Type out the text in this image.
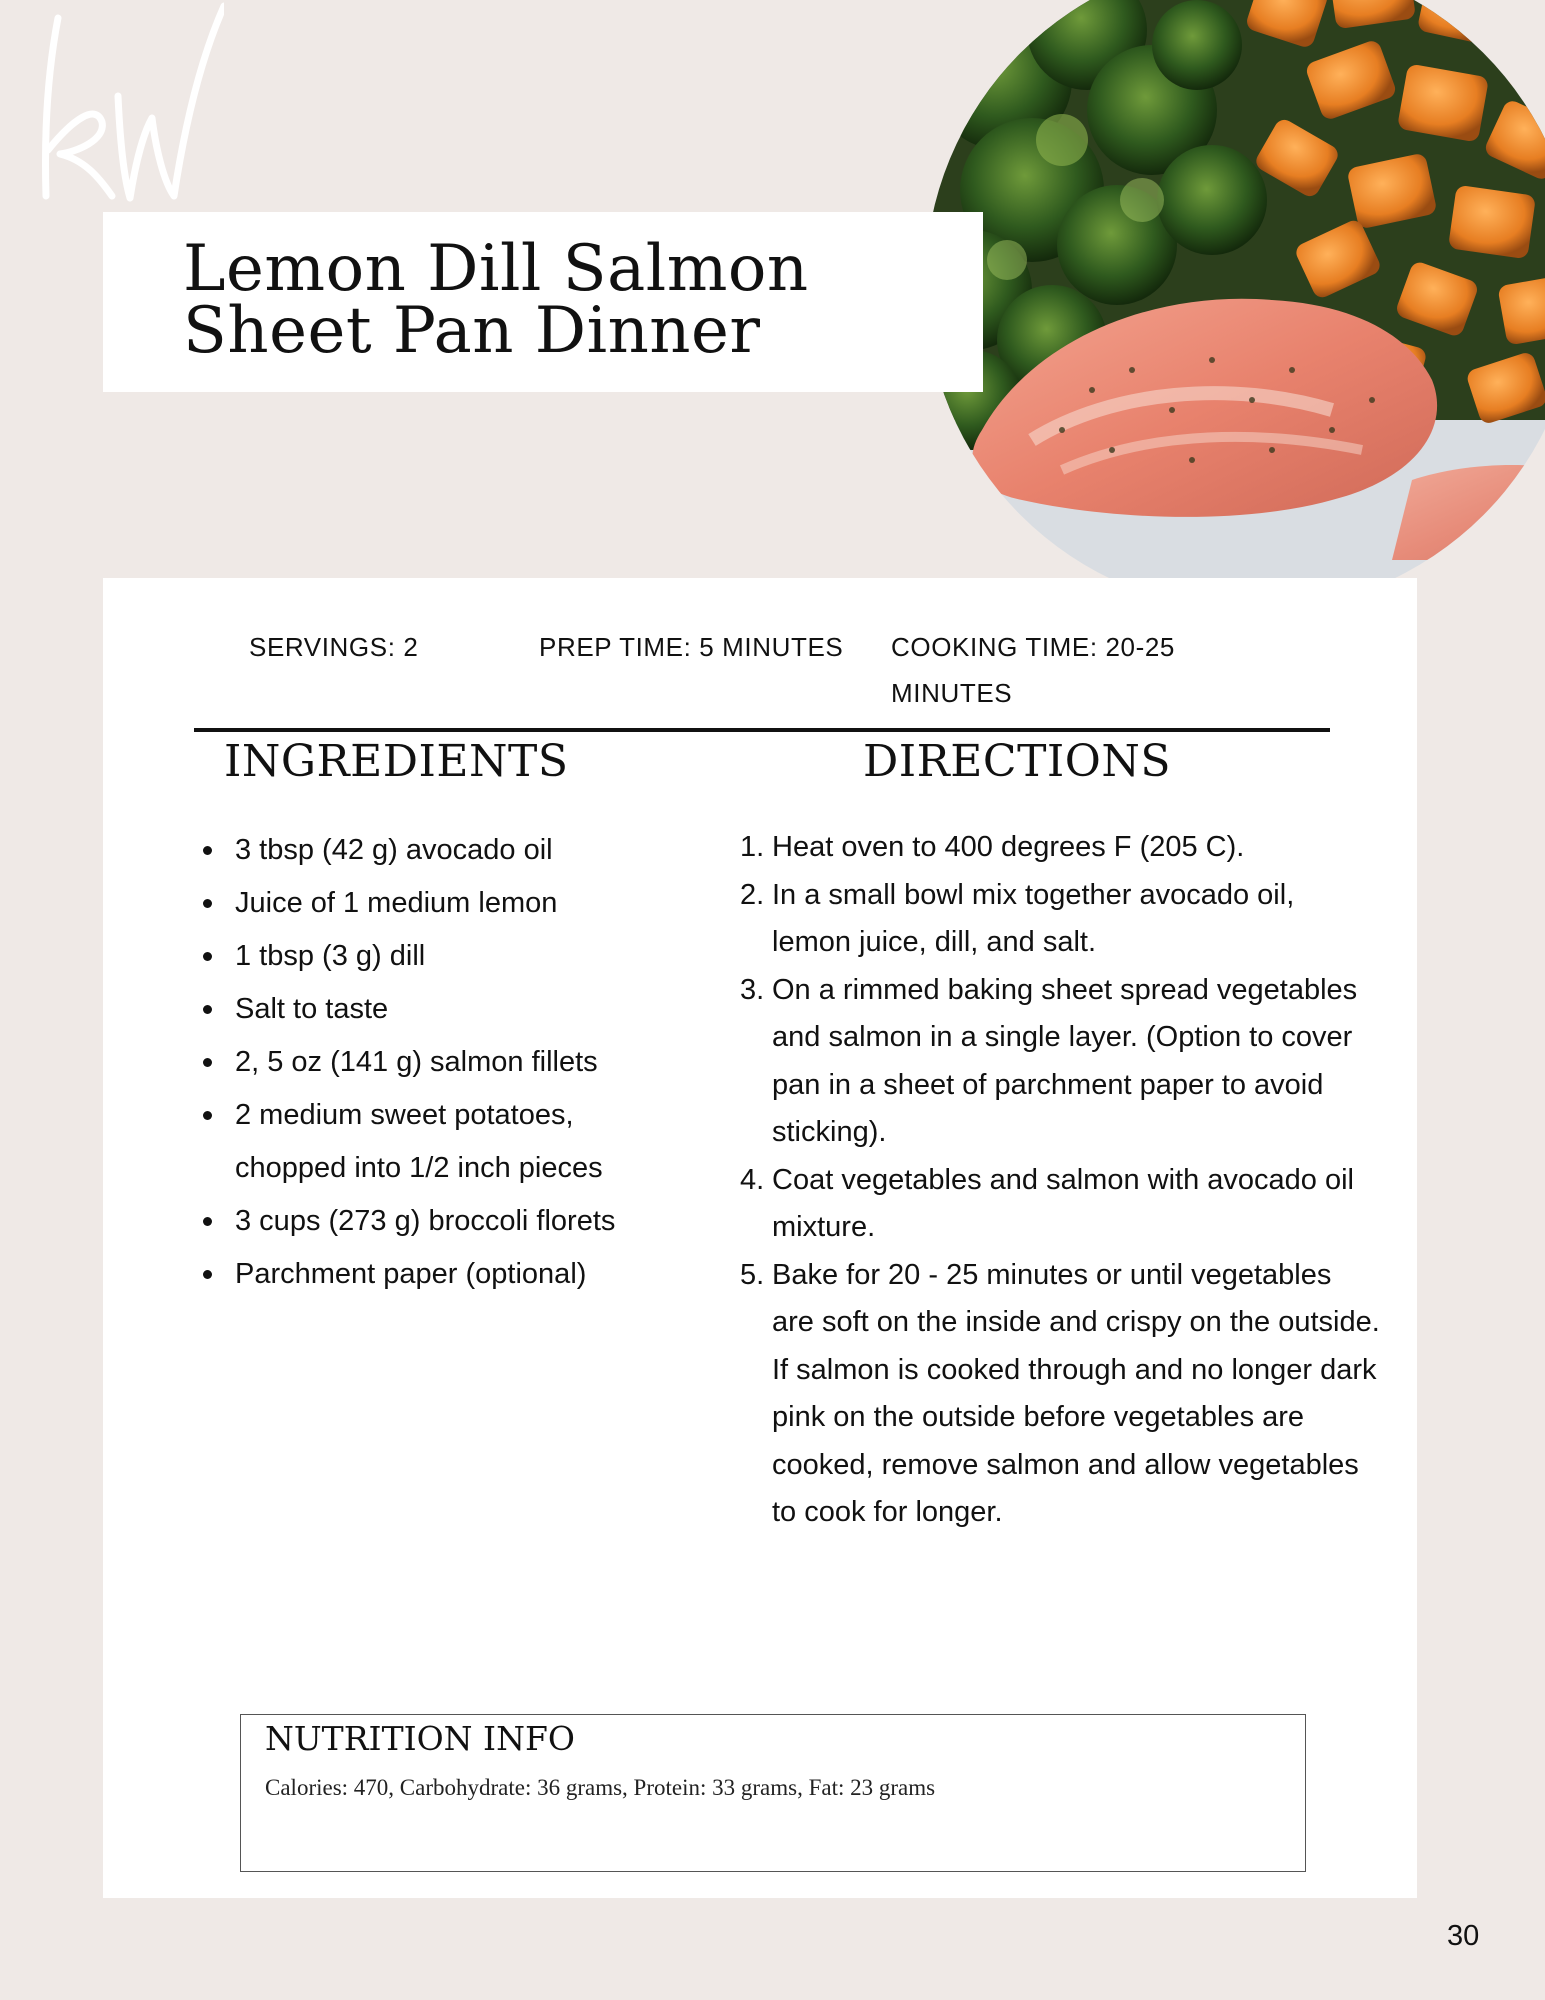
Lemon Dill Salmon
Sheet Pan Dinner
SERVINGS: 2	PREP TIME: 5 MINUTES COOKING TIME: 20-25 MINUTES
INGREDIENTS	DIRECTIONS
3 tbsp (42 g) avocado oil
Juice of 1 medium lemon
1 tbsp (3 g) dill
Salt to taste
2, 5 oz (141 g) salmon fillets
2 medium sweet potatoes, chopped into 1/2 inch pieces
3 cups (273 g) broccoli florets
Parchment paper (optional)
1. Heat oven to 400 degrees F (205 C).
2. In a small bowl mix together avocado oil, lemon juice, dill, and salt.
3. On a rimmed baking sheet spread vegetables and salmon in a single layer. (Option to cover pan in a sheet of parchment paper to avoid sticking).
4. Coat vegetables and salmon with avocado oil mixture.
5. Bake for 20 - 25 minutes or until vegetables are soft on the inside and crispy on the outside. If salmon is cooked through and no longer dark pink on the outside before vegetables are cooked, remove salmon and allow vegetables to cook for longer.
NUTRITION INFO
Calories: 470, Carbohydrate: 36 grams, Protein: 33 grams, Fat: 23 grams
30
